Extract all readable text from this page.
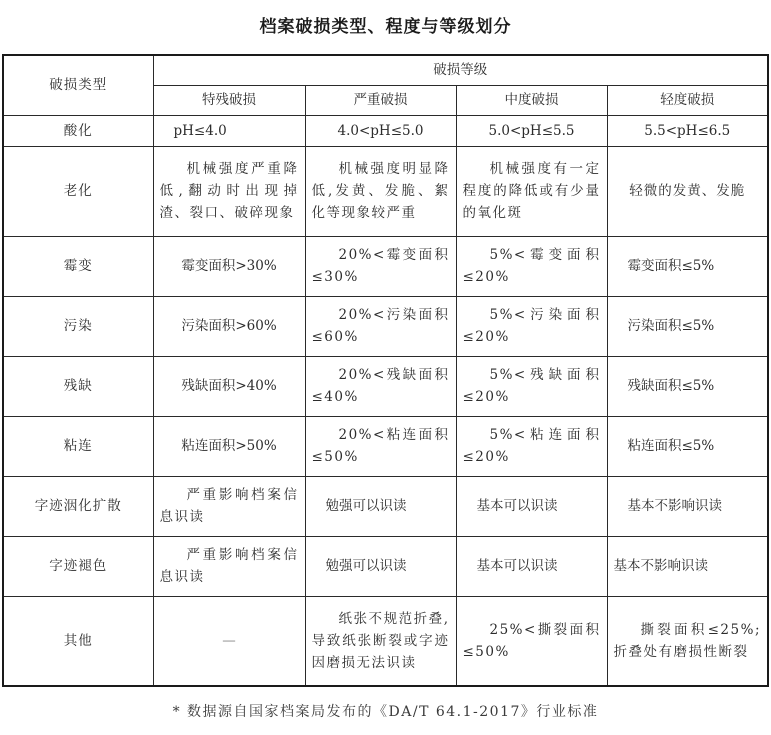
档案破损类型、程度与等级划分
破损类型	破损等级			
	特残破损	严重破损	中度破损	轻度破损
酸化	pH≤4.0	4.0<pH≤5.0	5.0<pH≤5.5	5.5<pH≤6.5
老化	机械强度严重降低,翻动时出现掉渣、裂口、破碎现象	机械强度明显降低,发黄、发脆、絮化等现象较严重	机械强度有一定程度的降低或有少量的氧化斑	轻微的发黄、发脆
霉变	霉变面积>30%	20%<霉变面积≤30%	5%<霉变面积≤20%	霉变面积≤5%
污染	污染面积>60%	20%<污染面积≤60%	5%<污染面积≤20%	污染面积≤5%
残缺	残缺面积>40%	20%<残缺面积≤40%	5%<残缺面积≤20%	残缺面积≤5%
粘连	粘连面积>50%	20%<粘连面积≤50%	5%<粘连面积≤20%	粘连面积≤5%
字迹洇化扩散	严重影响档案信息识读	勉强可以识读	基本可以识读	基本不影响识读
字迹褪色	严重影响档案信息识读	勉强可以识读	基本可以识读	基本不影响识读
其他	—	纸张不规范折叠,导致纸张断裂或字迹因磨损无法识读	25%<撕裂面积≤50%	撕裂面积≤25%;折叠处有磨损性断裂
* 数据源自国家档案局发布的《DA/T 64.1-2017》行业标准
